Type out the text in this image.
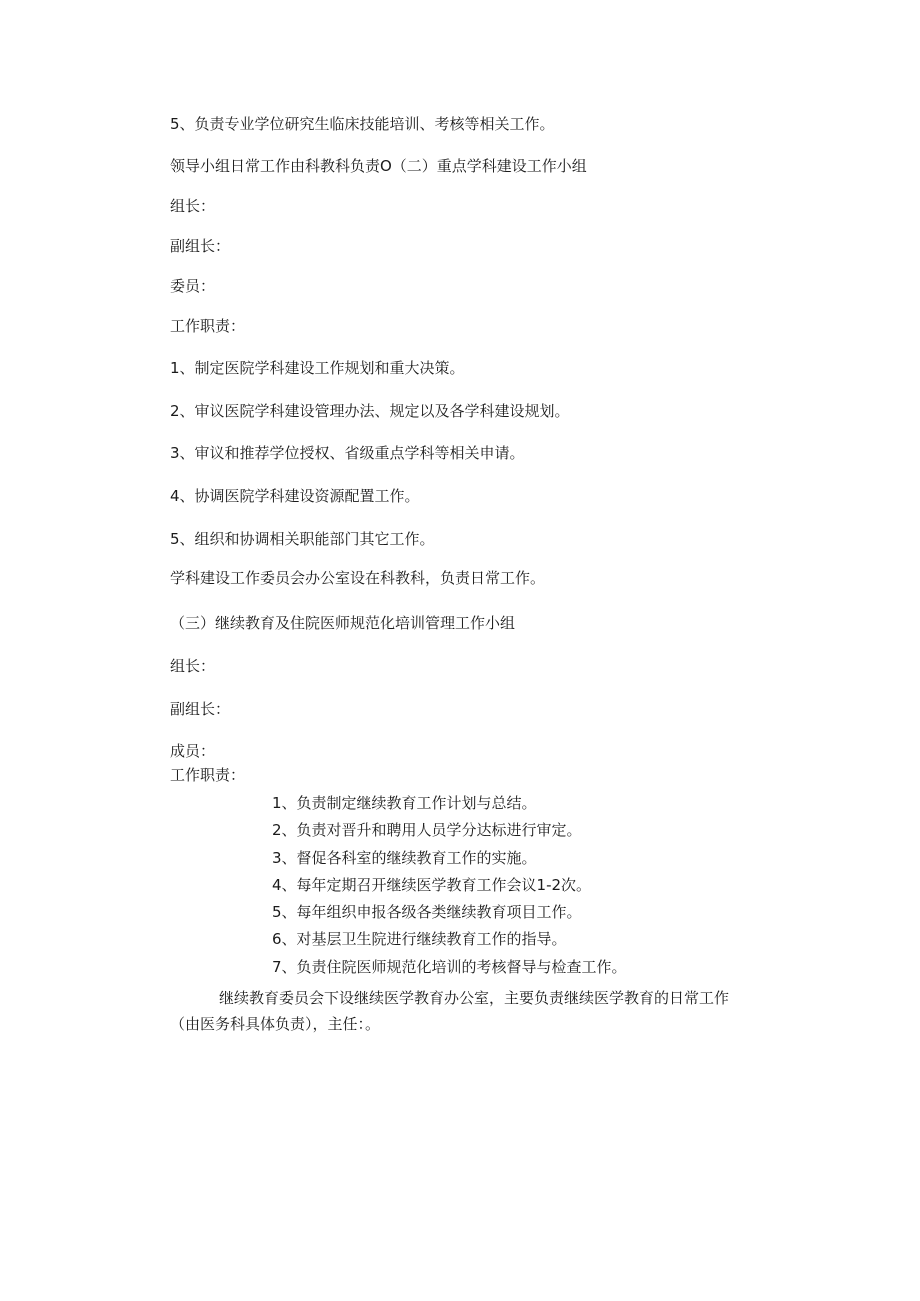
5、负责专业学位研究生临床技能培训、考核等相关工作。
领导小组日常工作由科教科负责O（二）重点学科建设工作小组
组长：
副组长：
委员：
工作职责：
1、制定医院学科建设工作规划和重大决策。
2、审议医院学科建设管理办法、规定以及各学科建设规划。
3、审议和推荐学位授权、省级重点学科等相关申请。
4、协调医院学科建设资源配置工作。
5、组织和协调相关职能部门其它工作。
学科建设工作委员会办公室设在科教科，负责日常工作。
（三）继续教育及住院医师规范化培训管理工作小组
组长：
副组长：
成员：
工作职责：
1、负责制定继续教育工作计划与总结。
2、负责对晋升和聘用人员学分达标进行审定。
3、督促各科室的继续教育工作的实施。
4、每年定期召开继续医学教育工作会议1-2次。
5、每年组织申报各级各类继续教育项目工作。
6、对基层卫生院进行继续教育工作的指导。
7、负责住院医师规范化培训的考核督导与检查工作。
继续教育委员会下设继续医学教育办公室，主要负责继续医学教育的日常工作
（由医务科具体负责），主任：。
